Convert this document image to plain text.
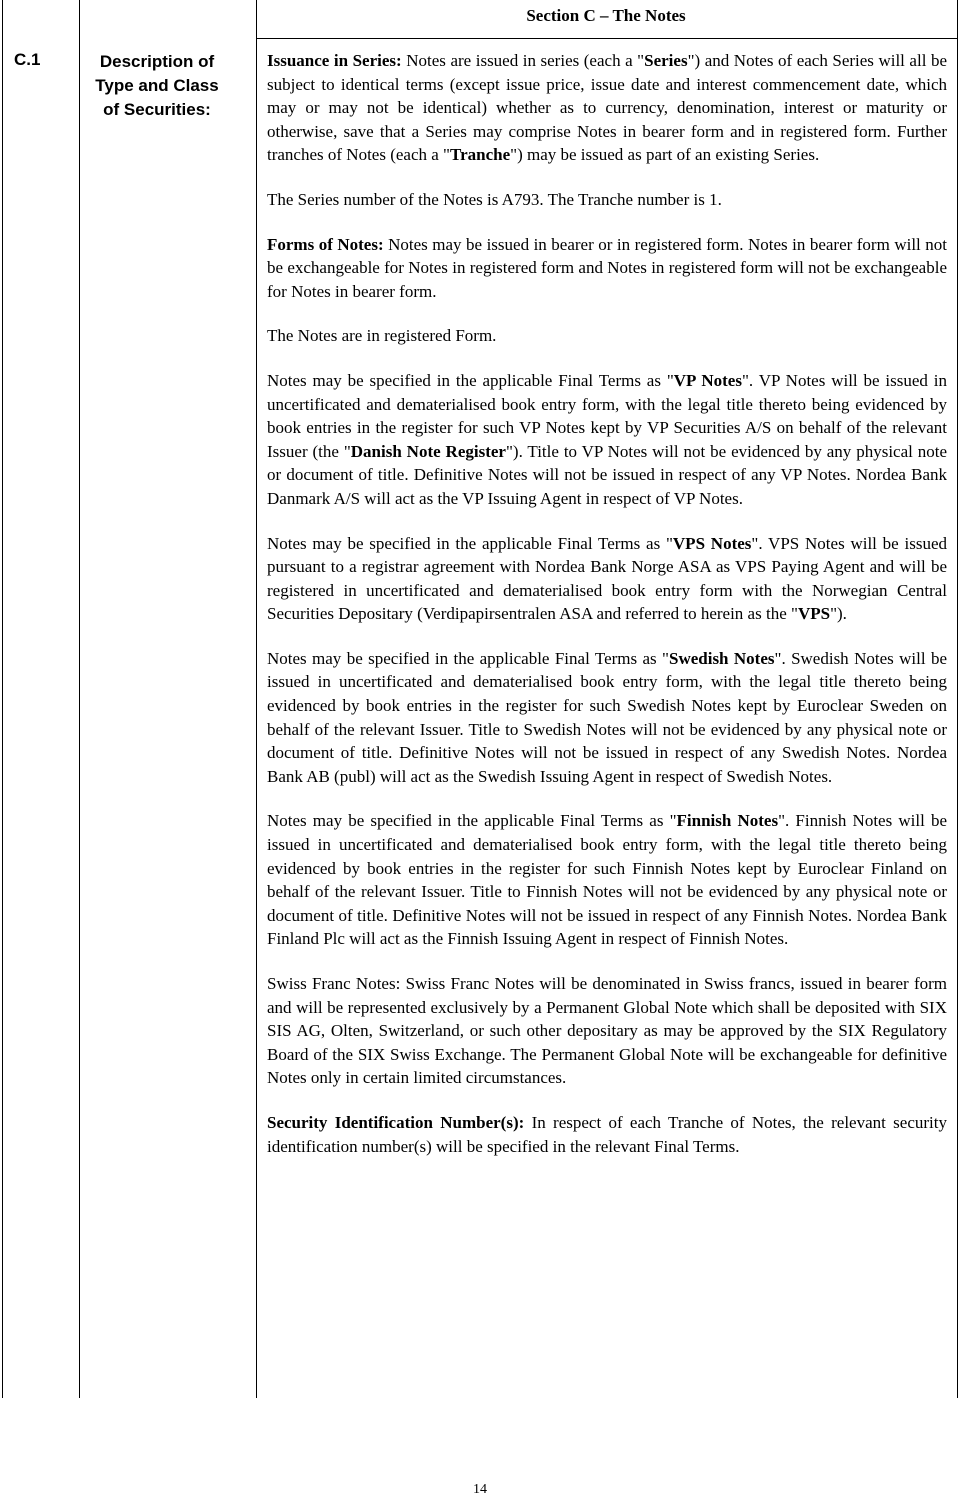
Section C – The Notes
C.1	Description of Type and Class of Securities:

Issuance in Series: Notes are issued in series (each a "Series") and Notes of each Series will all be subject to identical terms (except issue price, issue date and interest commencement date, which may or may not be identical) whether as to currency, denomination, interest or maturity or otherwise, save that a Series may comprise Notes in bearer form and in registered form. Further tranches of Notes (each a "Tranche") may be issued as part of an existing Series.

The Series number of the Notes is A793. The Tranche number is 1.

Forms of Notes: Notes may be issued in bearer or in registered form. Notes in bearer form will not be exchangeable for Notes in registered form and Notes in registered form will not be exchangeable for Notes in bearer form.

The Notes are in registered Form.

Notes may be specified in the applicable Final Terms as "VP Notes". VP Notes will be issued in uncertificated and dematerialised book entry form, with the legal title thereto being evidenced by book entries in the register for such VP Notes kept by VP Securities A/S on behalf of the relevant Issuer (the "Danish Note Register"). Title to VP Notes will not be evidenced by any physical note or document of title. Definitive Notes will not be issued in respect of any VP Notes. Nordea Bank Danmark A/S will act as the VP Issuing Agent in respect of VP Notes.

Notes may be specified in the applicable Final Terms as "VPS Notes". VPS Notes will be issued pursuant to a registrar agreement with Nordea Bank Norge ASA as VPS Paying Agent and will be registered in uncertificated and dematerialised book entry form with the Norwegian Central Securities Depositary (Verdipapirsentralen ASA and referred to herein as the "VPS").

Notes may be specified in the applicable Final Terms as "Swedish Notes". Swedish Notes will be issued in uncertificated and dematerialised book entry form, with the legal title thereto being evidenced by book entries in the register for such Swedish Notes kept by Euroclear Sweden on behalf of the relevant Issuer. Title to Swedish Notes will not be evidenced by any physical note or document of title. Definitive Notes will not be issued in respect of any Swedish Notes. Nordea Bank AB (publ) will act as the Swedish Issuing Agent in respect of Swedish Notes.

Notes may be specified in the applicable Final Terms as "Finnish Notes". Finnish Notes will be issued in uncertificated and dematerialised book entry form, with the legal title thereto being evidenced by book entries in the register for such Finnish Notes kept by Euroclear Finland on behalf of the relevant Issuer. Title to Finnish Notes will not be evidenced by any physical note or document of title. Definitive Notes will not be issued in respect of any Finnish Notes. Nordea Bank Finland Plc will act as the Finnish Issuing Agent in respect of Finnish Notes.

Swiss Franc Notes: Swiss Franc Notes will be denominated in Swiss francs, issued in bearer form and will be represented exclusively by a Permanent Global Note which shall be deposited with SIX SIS AG, Olten, Switzerland, or such other depositary as may be approved by the SIX Regulatory Board of the SIX Swiss Exchange. The Permanent Global Note will be exchangeable for definitive Notes only in certain limited circumstances.

Security Identification Number(s): In respect of each Tranche of Notes, the relevant security identification number(s) will be specified in the relevant Final Terms.

14
